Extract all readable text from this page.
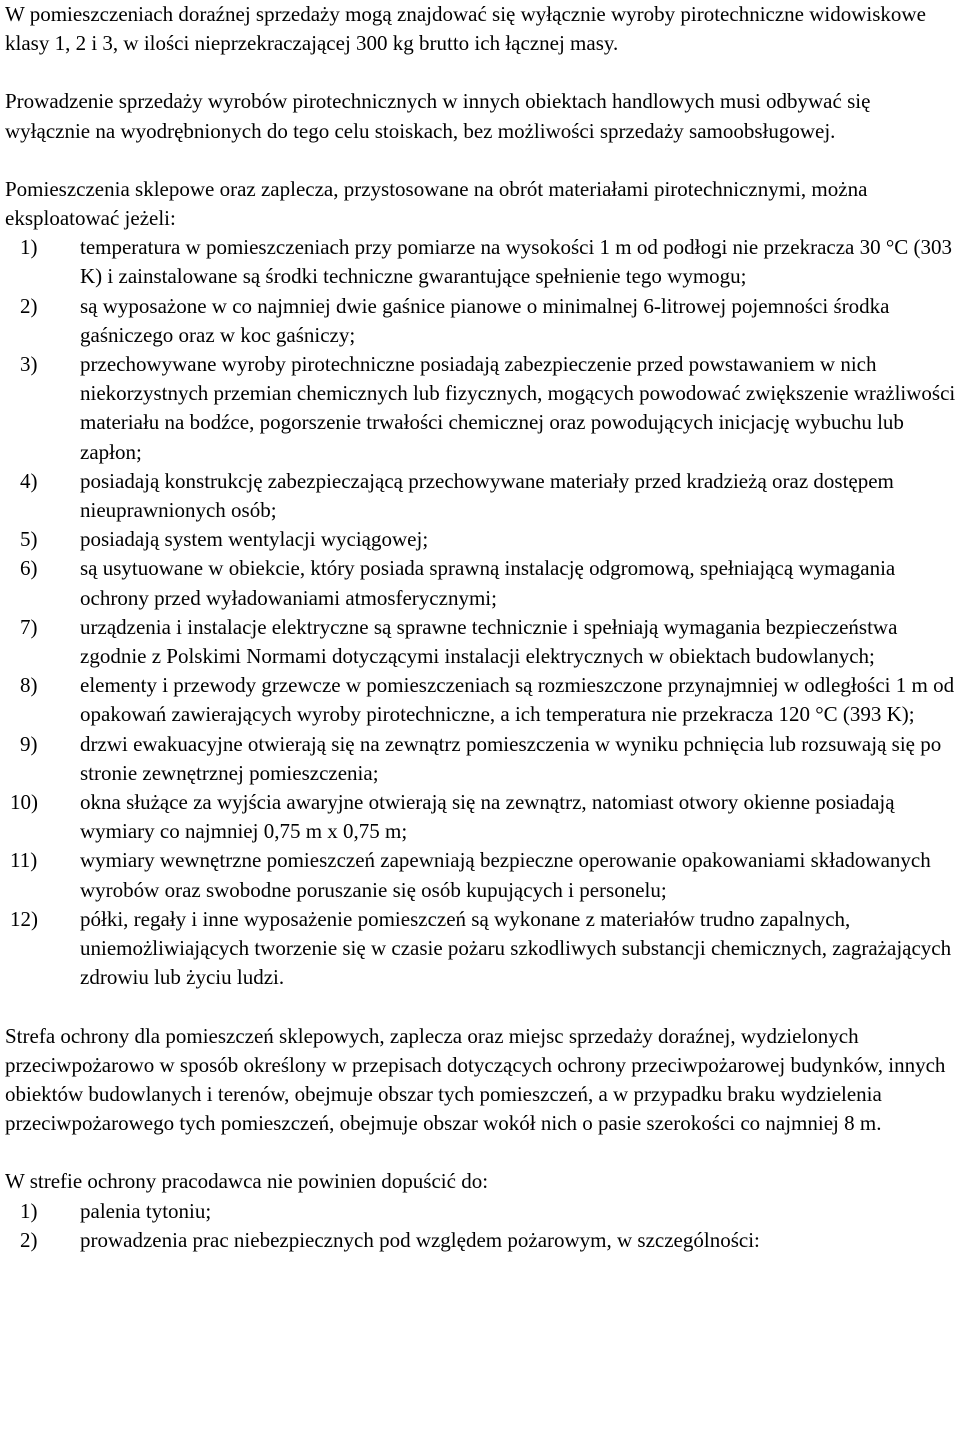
W pomieszczeniach doraźnej sprzedaży mogą znajdować się wyłącznie wyroby pirotechniczne widowiskowe klasy 1, 2 i 3, w ilości nieprzekraczającej 300 kg brutto ich łącznej masy.

Prowadzenie sprzedaży wyrobów pirotechnicznych w innych obiektach handlowych musi odbywać się wyłącznie na wyodrębnionych do tego celu stoiskach, bez możliwości sprzedaży samoobsługowej.

Pomieszczenia sklepowe oraz zaplecza, przystosowane na obrót materiałami pirotechnicznymi, można eksploatować jeżeli:

1)	temperatura w pomieszczeniach przy pomiarze na wysokości 1 m od podłogi nie przekracza 30 °C (303 K) i zainstalowane są środki techniczne gwarantujące spełnienie tego wymogu;
2)	są wyposażone w co najmniej dwie gaśnice pianowe o minimalnej 6-litrowej pojemności środka gaśniczego oraz w koc gaśniczy;
3)	przechowywane wyroby pirotechniczne posiadają zabezpieczenie przed powstawaniem w nich niekorzystnych przemian chemicznych lub fizycznych, mogących powodować zwiększenie wrażliwości materiału na bodźce, pogorszenie trwałości chemicznej oraz powodujących inicjację wybuchu lub zapłon;
4)	posiadają konstrukcję zabezpieczającą przechowywane materiały przed kradzieżą oraz dostępem nieuprawnionych osób;
5)	posiadają system wentylacji wyciągowej;
6)	są usytuowane w obiekcie, który posiada sprawną instalację odgromową, spełniającą wymagania ochrony przed wyładowaniami atmosferycznymi;
7)	urządzenia i instalacje elektryczne są sprawne technicznie i spełniają wymagania bezpieczeństwa zgodnie z Polskimi Normami dotyczącymi instalacji elektrycznych w obiektach budowlanych;
8)	elementy i przewody grzewcze w pomieszczeniach są rozmieszczone przynajmniej w odległości 1 m od opakowań zawierających wyroby pirotechniczne, a ich temperatura nie przekracza 120 °C (393 K);
9)	drzwi ewakuacyjne otwierają się na zewnątrz pomieszczenia w wyniku pchnięcia lub rozsuwają się po stronie zewnętrznej pomieszczenia;
10)	okna służące za wyjścia awaryjne otwierają się na zewnątrz, natomiast otwory okienne posiadają wymiary co najmniej 0,75 m x 0,75 m;
11)	wymiary wewnętrzne pomieszczeń zapewniają bezpieczne operowanie opakowaniami składowanych wyrobów oraz swobodne poruszanie się osób kupujących i personelu;
12)	półki, regały i inne wyposażenie pomieszczeń są wykonane z materiałów trudno zapalnych, uniemożliwiających tworzenie się w czasie pożaru szkodliwych substancji chemicznych, zagrażających zdrowiu lub życiu ludzi.

Strefa ochrony dla pomieszczeń sklepowych, zaplecza oraz miejsc sprzedaży doraźnej, wydzielonych przeciwpożarowo w sposób określony w przepisach dotyczących ochrony przeciwpożarowej budynków, innych obiektów budowlanych i terenów, obejmuje obszar tych pomieszczeń, a w przypadku braku wydzielenia przeciwpożarowego tych pomieszczeń, obejmuje obszar wokół nich o pasie szerokości co najmniej 8 m.

W strefie ochrony pracodawca nie powinien dopuścić do:

1)	palenia tytoniu;
2)	prowadzenia prac niebezpiecznych pod względem pożarowym, w szczególności:
